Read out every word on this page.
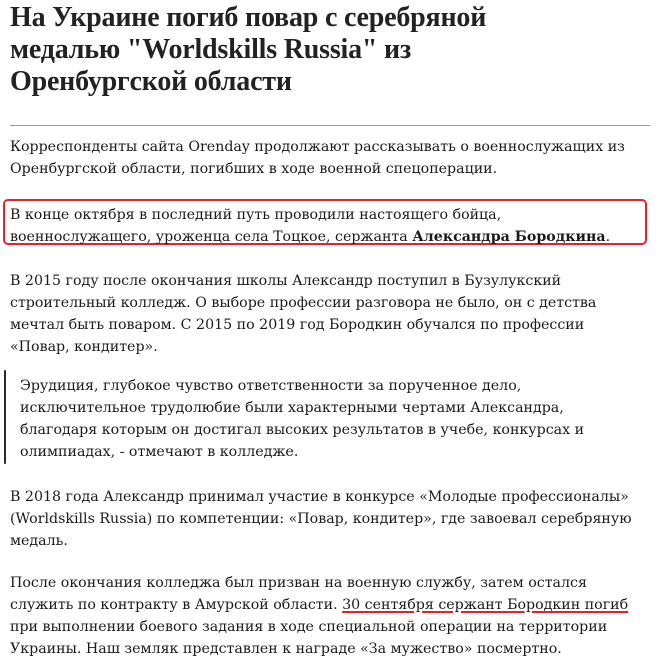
На Украине погиб повар с серебряной медалью "Worldskills Russia" из Оренбургской области

Корреспонденты сайта Orenday продолжают рассказывать о военнослужащих из Оренбургской области, погибших в ходе военной спецоперации.

В конце октября в последний путь проводили настоящего бойца, военнослужащего, уроженца села Тоцкое, сержанта Александра Бородкина.

В 2015 году после окончания школы Александр поступил в Бузулукский строительный колледж. О выборе профессии разговора не было, он с детства мечтал быть поваром. С 2015 по 2019 год Бородкин обучался по профессии «Повар, кондитер».

Эрудиция, глубокое чувство ответственности за порученное дело, исключительное трудолюбие были характерными чертами Александра, благодаря которым он достигал высоких результатов в учебе, конкурсах и олимпиадах, - отмечают в колледже.

В 2018 года Александр принимал участие в конкурсе «Молодые профессионалы» (Worldskills Russia) по компетенции: «Повар, кондитер», где завоевал серебряную медаль.

После окончания колледжа был призван на военную службу, затем остался служить по контракту в Амурской области. 30 сентября сержант Бородкин погиб при выполнении боевого задания в ходе специальной операции на территории Украины. Наш земляк представлен к награде «За мужество» посмертно.
